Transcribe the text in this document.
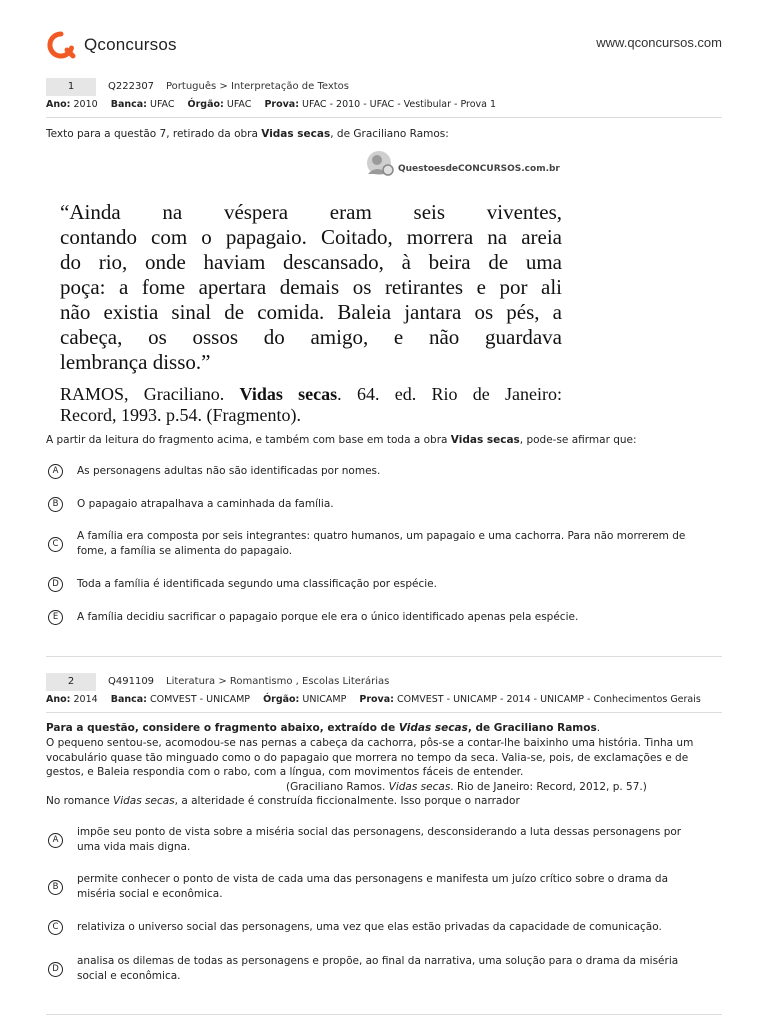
Qconcursos	www.qconcursos.com
1	Q222307 Português > Interpretação de Textos
Ano: 2010 Banca: UFAC Órgão: UFAC Prova: UFAC - 2010 - UFAC - Vestibular - Prova 1
Texto para a questão 7, retirado da obra Vidas secas, de Graciliano Ramos:
QuestoesdeCONCURSOS.com.br
“Ainda na véspera eram seis viventes,
contando com o papagaio. Coitado, morrera na areia
do rio, onde haviam descansado, à beira de uma
poça: a fome apertara demais os retirantes e por ali
não existia sinal de comida. Baleia jantara os pés, a
cabeça, os ossos do amigo, e não guardava
lembrança disso.”
RAMOS, Graciliano. Vidas secas. 64. ed. Rio de Janeiro:
Record, 1993. p.54. (Fragmento).
A partir da leitura do fragmento acima, e também com base em toda a obra Vidas secas, pode-se afirmar que:
A	As personagens adultas não são identificadas por nomes.
B	O papagaio atrapalhava a caminhada da família.
C
A família era composta por seis integrantes: quatro humanos, um papagaio e uma cachorra. Para não morrerem de fome, a família se alimenta do papagaio.
D	Toda a família é identificada segundo uma classificação por espécie.
E	A família decidiu sacrificar o papagaio porque ele era o único identificado apenas pela espécie.
2	Q491109 Literatura > Romantismo , Escolas Literárias
Ano: 2014 Banca: COMVEST - UNICAMP Órgão: UNICAMP Prova: COMVEST - UNICAMP - 2014 - UNICAMP - Conhecimentos Gerais
Para a questão, considere o fragmento abaixo, extraído de Vidas secas, de Graciliano Ramos.
O pequeno sentou-se, acomodou-se nas pernas a cabeça da cachorra, pôs-se a contar-lhe baixinho uma história. Tinha um vocabulário quase tão minguado como o do papagaio que morrera no tempo da seca. Valia-se, pois, de exclamações e de gestos, e Baleia respondia com o rabo, com a língua, com movimentos fáceis de entender.
(Graciliano Ramos. Vidas secas. Rio de Janeiro: Record, 2012, p. 57.)
No romance Vidas secas, a alteridade é construída ficcionalmente. Isso porque o narrador
A
impõe seu ponto de vista sobre a miséria social das personagens, desconsiderando a luta dessas personagens por uma vida mais digna.
B
permite conhecer o ponto de vista de cada uma das personagens e manifesta um juízo crítico sobre o drama da miséria social e econômica.
C	relativiza o universo social das personagens, uma vez que elas estão privadas da capacidade de comunicação.
D
analisa os dilemas de todas as personagens e propõe, ao final da narrativa, uma solução para o drama da miséria social e econômica.
